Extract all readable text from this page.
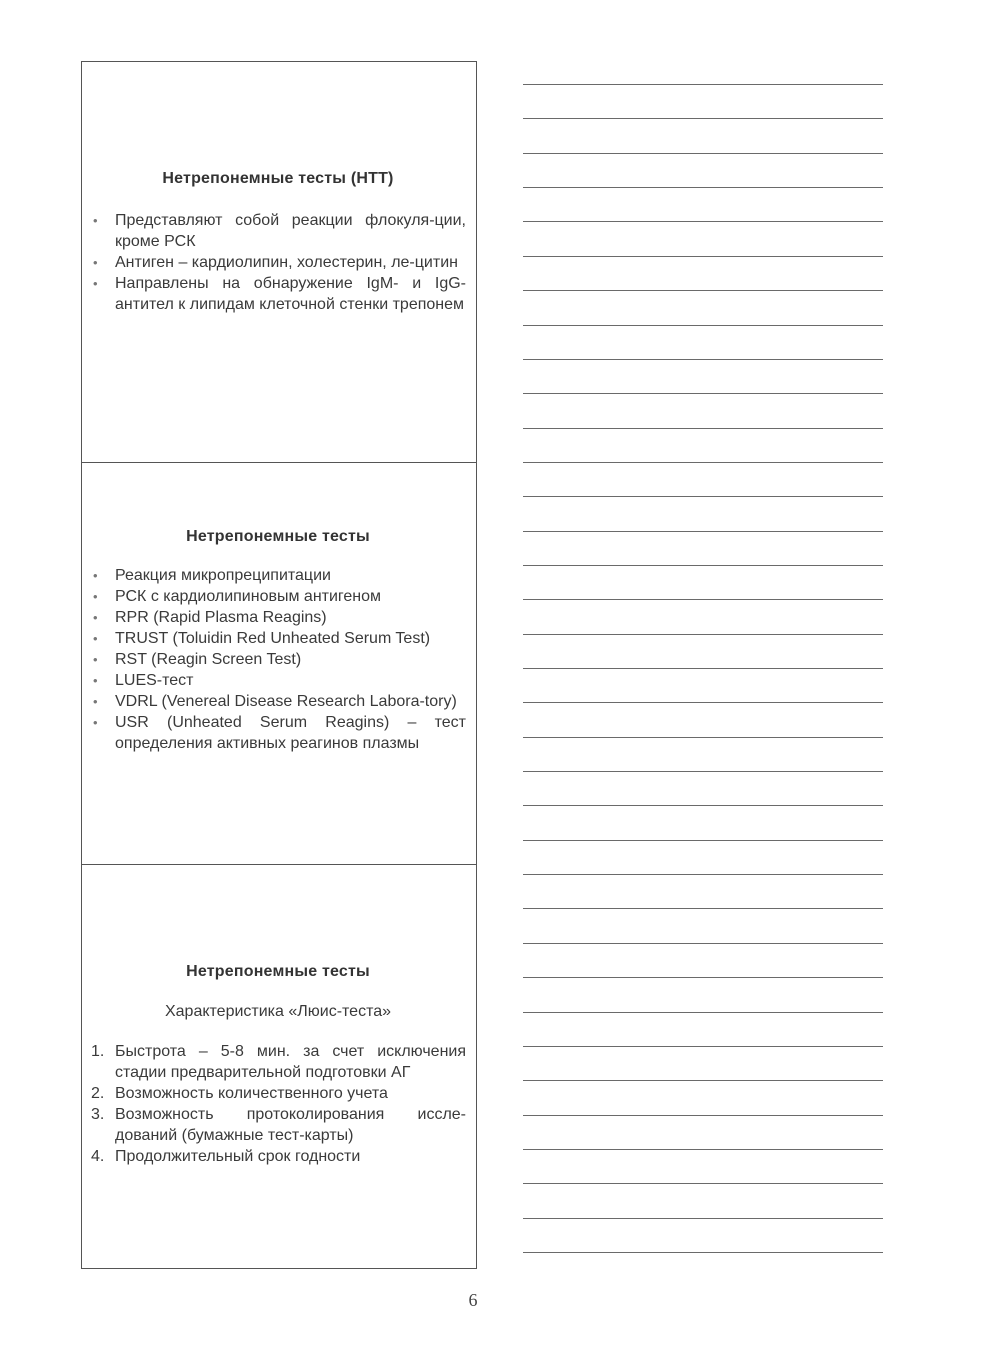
Нетрепонемные тесты (НТТ)
• Представляют собой реакции флокуля-ции, кроме РСК
• Антиген – кардиолипин, холестерин, ле-цитин
• Направлены на обнаружение IgM- и IgG-антител к липидам клеточной стенки трепонем
Нетрепонемные тесты
• Реакция микропреципитации
• РСК с кардиолипиновым антигеном
• RPR (Rapid Plasma Reagins)
• TRUST (Toluidin Red Unheated Serum Test)
• RST (Reagin Screen Test)
• LUES-тест
• VDRL (Venereal Disease Research Labora-tory)
• USR (Unheated Serum Reagins) – тест определения активных реагинов плазмы
Нетрепонемные тесты
Характеристика «Люис-теста»
1. Быстрота – 5-8 мин. за счет исключения стадии предварительной подготовки АГ
2. Возможность количественного учета
3. Возможность протоколирования иссле-дований (бумажные тест-карты)
4. Продолжительный срок годности
6
